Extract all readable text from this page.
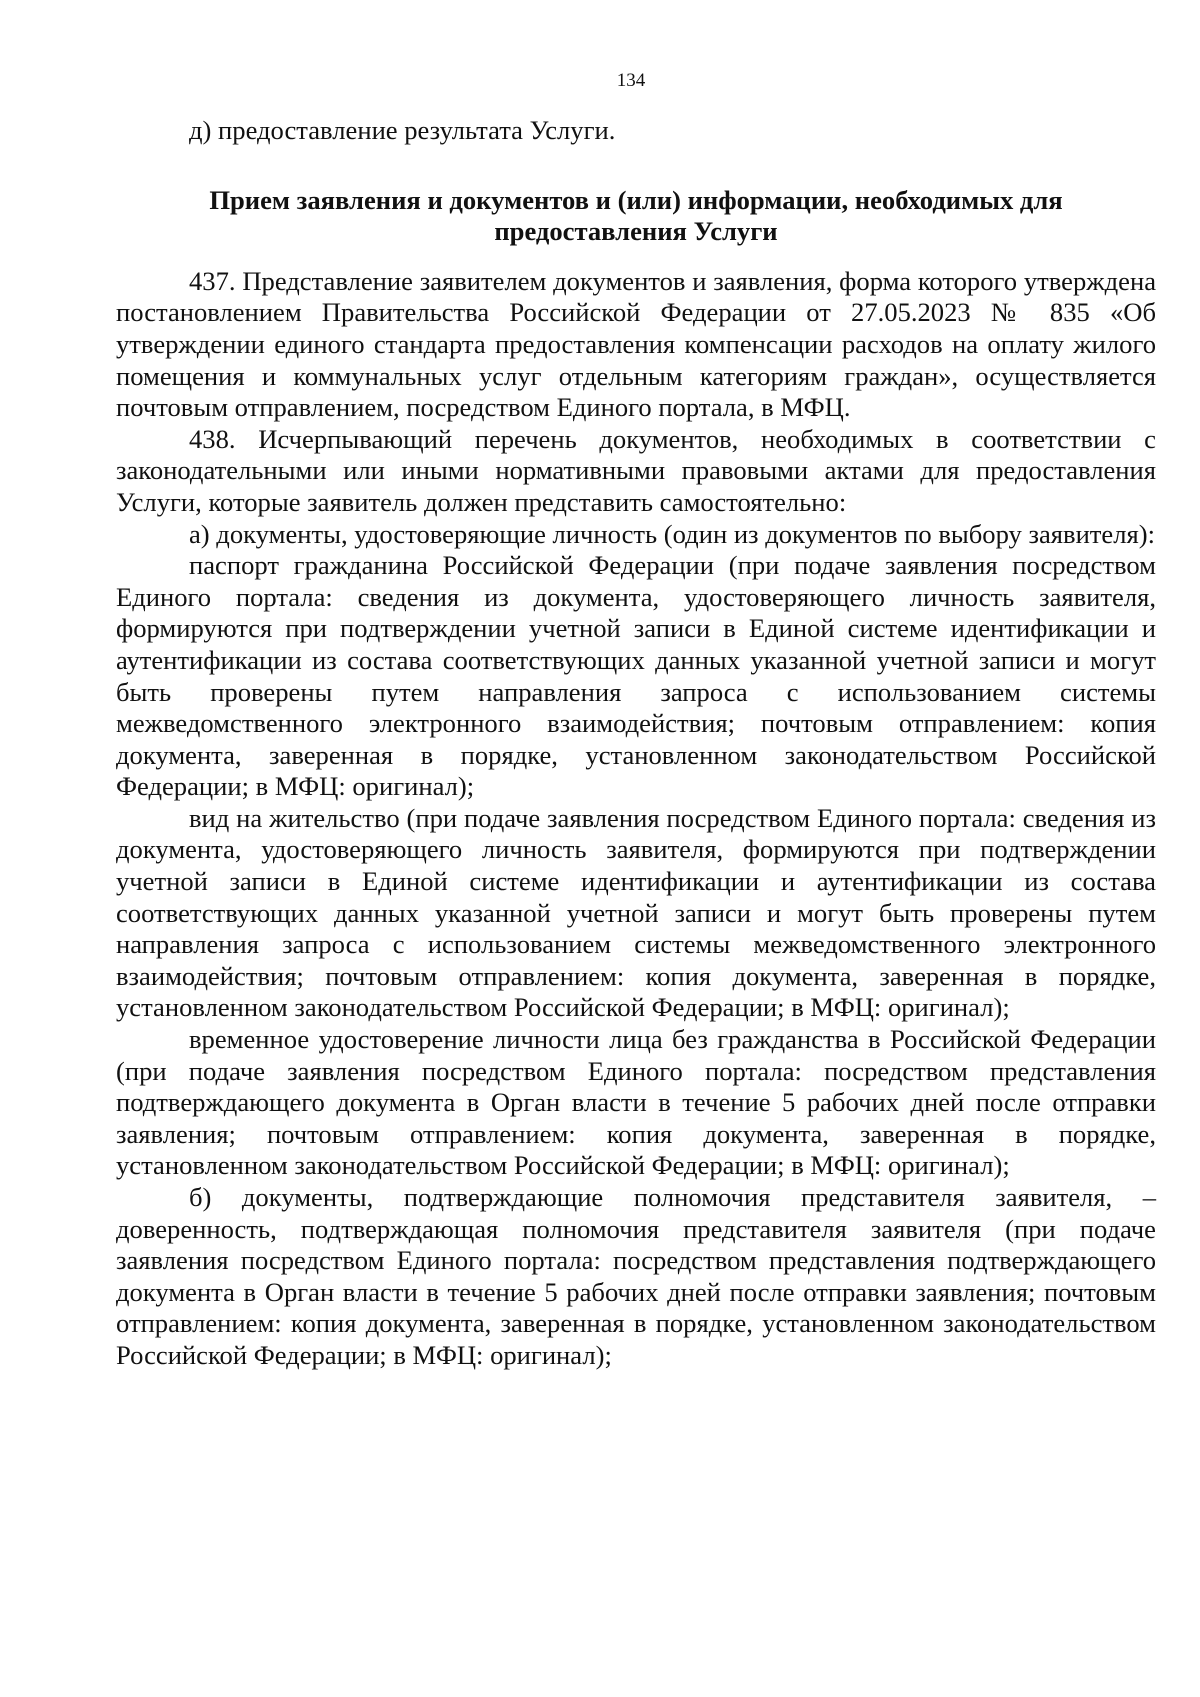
134

д) предоставление результата Услуги.

Прием заявления и документов и (или) информации, необходимых для предоставления Услуги

437. Представление заявителем документов и заявления, форма которого утверждена постановлением Правительства Российской Федерации от 27.05.2023 № 835 «Об утверждении единого стандарта предоставления компенсации расходов на оплату жилого помещения и коммунальных услуг отдельным категориям граждан», осуществляется почтовым отправлением, посредством Единого портала, в МФЦ.

438. Исчерпывающий перечень документов, необходимых в соответствии с законодательными или иными нормативными правовыми актами для предоставления Услуги, которые заявитель должен представить самостоятельно:

а) документы, удостоверяющие личность (один из документов по выбору заявителя):

паспорт гражданина Российской Федерации (при подаче заявления посредством Единого портала: сведения из документа, удостоверяющего личность заявителя, формируются при подтверждении учетной записи в Единой системе идентификации и аутентификации из состава соответствующих данных указанной учетной записи и могут быть проверены путем направления запроса с использованием системы межведомственного электронного взаимодействия; почтовым отправлением: копия документа, заверенная в порядке, установленном законодательством Российской Федерации; в МФЦ: оригинал);

вид на жительство (при подаче заявления посредством Единого портала: сведения из документа, удостоверяющего личность заявителя, формируются при подтверждении учетной записи в Единой системе идентификации и аутентификации из состава соответствующих данных указанной учетной записи и могут быть проверены путем направления запроса с использованием системы межведомственного электронного взаимодействия; почтовым отправлением: копия документа, заверенная в порядке, установленном законодательством Российской Федерации; в МФЦ: оригинал);

временное удостоверение личности лица без гражданства в Российской Федерации (при подаче заявления посредством Единого портала: посредством представления подтверждающего документа в Орган власти в течение 5 рабочих дней после отправки заявления; почтовым отправлением: копия документа, заверенная в порядке, установленном законодательством Российской Федерации; в МФЦ: оригинал);

б) документы, подтверждающие полномочия представителя заявителя, – доверенность, подтверждающая полномочия представителя заявителя (при подаче заявления посредством Единого портала: посредством представления подтверждающего документа в Орган власти в течение 5 рабочих дней после отправки заявления; почтовым отправлением: копия документа, заверенная в порядке, установленном законодательством Российской Федерации; в МФЦ: оригинал);
